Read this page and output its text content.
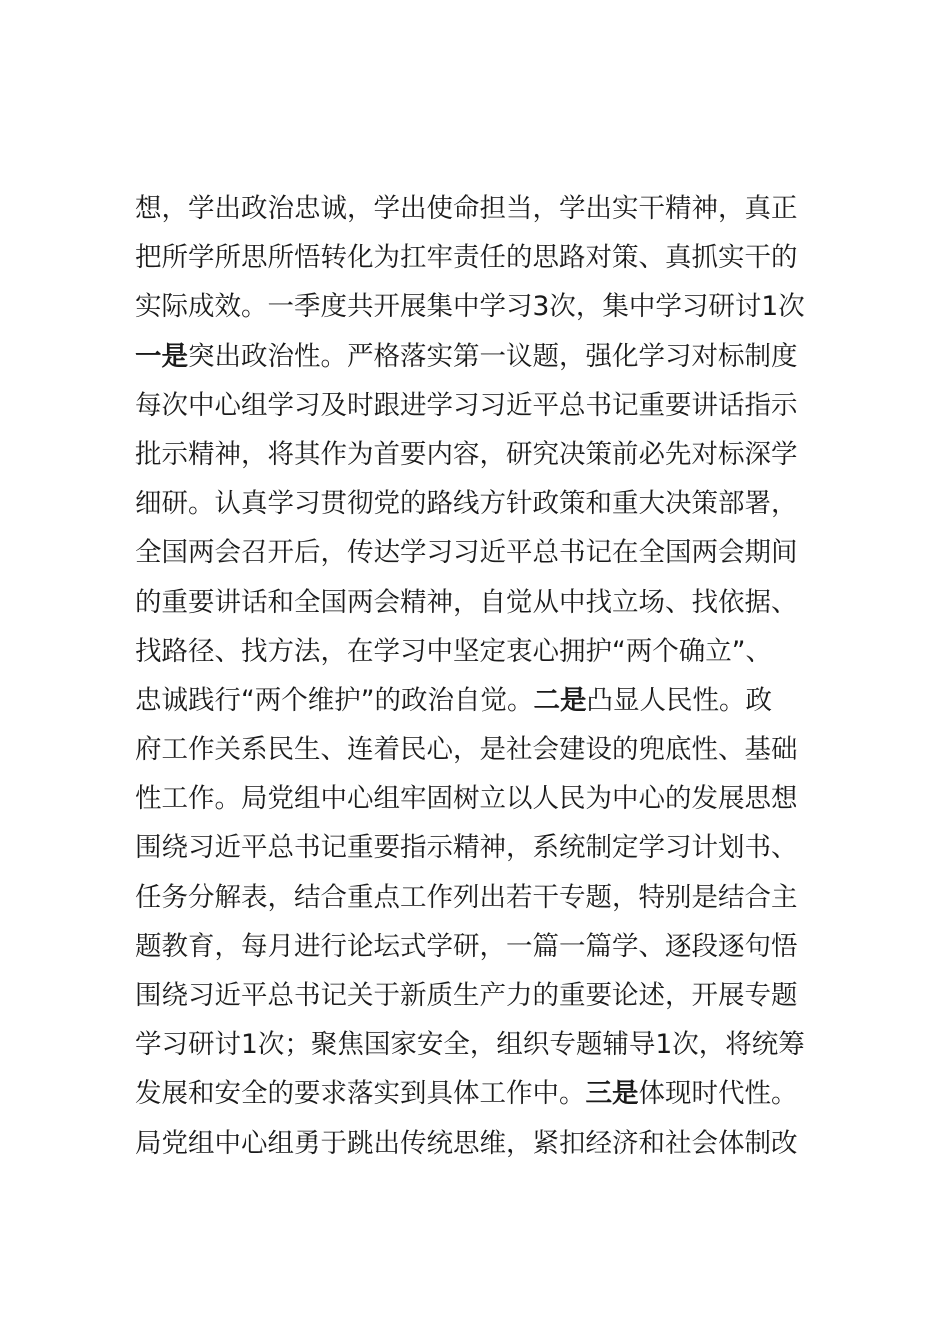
想，学出政治忠诚，学出使命担当，学出实干精神，真正
把所学所思所悟转化为扛牢责任的思路对策、真抓实干的
实际成效。一季度共开展集中学习3次，集中学习研讨1次
一是突出政治性。严格落实第一议题，强化学习对标制度
每次中心组学习及时跟进学习习近平总书记重要讲话指示
批示精神，将其作为首要内容，研究决策前必先对标深学
细研。认真学习贯彻党的路线方针政策和重大决策部署，
全国两会召开后，传达学习习近平总书记在全国两会期间
的重要讲话和全国两会精神，自觉从中找立场、找依据、
找路径、找方法，在学习中坚定衷心拥护“两个确立”、
忠诚践行“两个维护”的政治自觉。二是凸显人民性。政
府工作关系民生、连着民心，是社会建设的兜底性、基础
性工作。局党组中心组牢固树立以人民为中心的发展思想
围绕习近平总书记重要指示精神，系统制定学习计划书、
任务分解表，结合重点工作列出若干专题，特别是结合主
题教育，每月进行论坛式学研，一篇一篇学、逐段逐句悟
围绕习近平总书记关于新质生产力的重要论述，开展专题
学习研讨1次；聚焦国家安全，组织专题辅导1次，将统筹
发展和安全的要求落实到具体工作中。三是体现时代性。
局党组中心组勇于跳出传统思维，紧扣经济和社会体制改
